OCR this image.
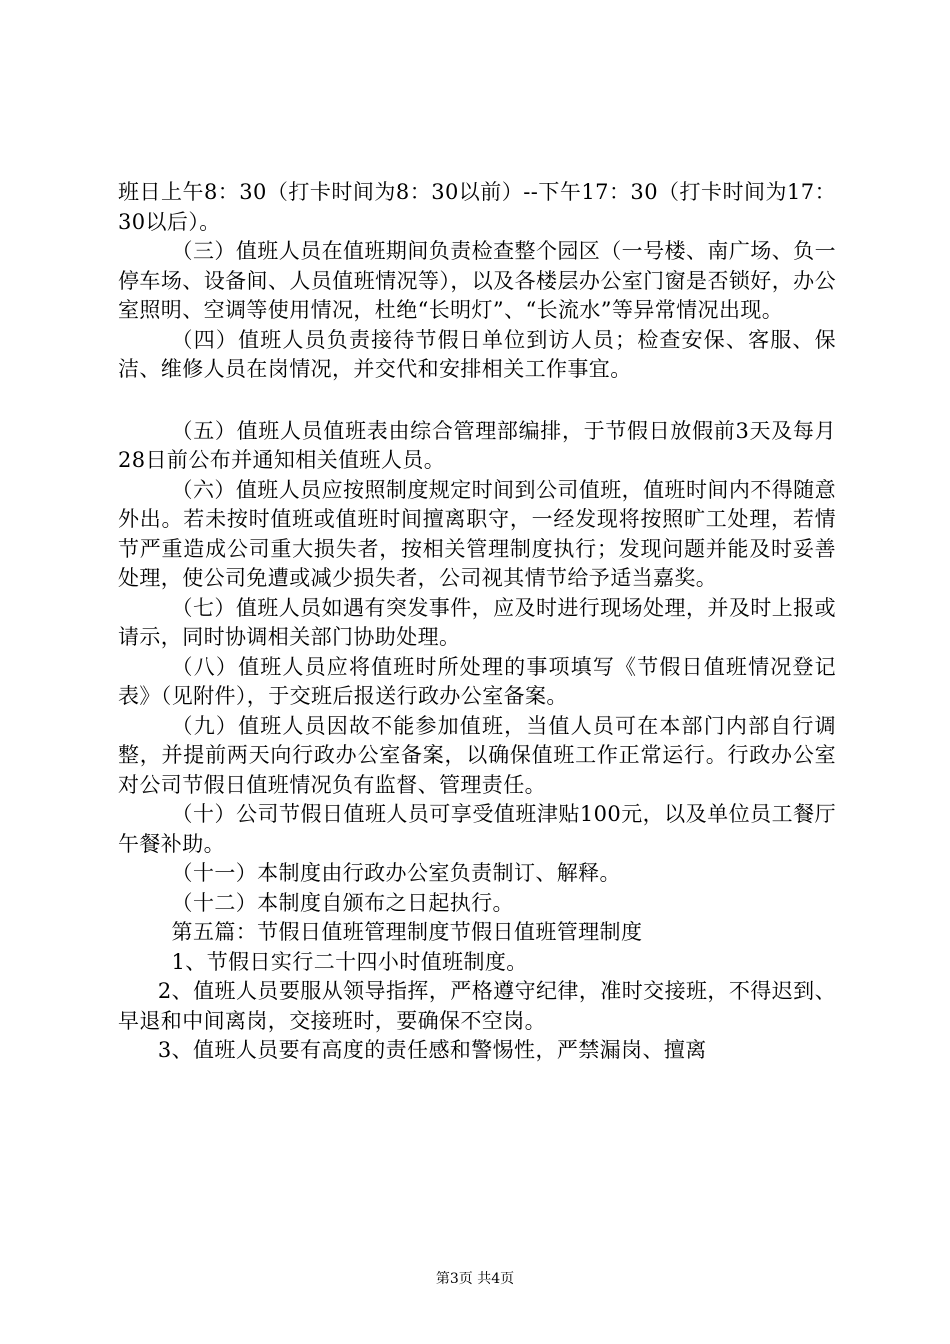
班日上午8：30（打卡时间为8：30以前）--下午17：30（打卡时间为17：30以后）。

（三）值班人员在值班期间负责检查整个园区（一号楼、南广场、负一停车场、设备间、人员值班情况等），以及各楼层办公室门窗是否锁好，办公室照明、空调等使用情况，杜绝“长明灯”、“长流水”等异常情况出现。

（四）值班人员负责接待节假日单位到访人员；检查安保、客服、保洁、维修人员在岗情况，并交代和安排相关工作事宜。

（五）值班人员值班表由综合管理部编排，于节假日放假前3天及每月28日前公布并通知相关值班人员。

（六）值班人员应按照制度规定时间到公司值班，值班时间内不得随意外出。若未按时值班或值班时间擅离职守，一经发现将按照旷工处理，若情节严重造成公司重大损失者，按相关管理制度执行；发现问题并能及时妥善处理，使公司免遭或减少损失者，公司视其情节给予适当嘉奖。

（七）值班人员如遇有突发事件，应及时进行现场处理，并及时上报或请示，同时协调相关部门协助处理。

（八）值班人员应将值班时所处理的事项填写《节假日值班情况登记表》（见附件），于交班后报送行政办公室备案。

（九）值班人员因故不能参加值班，当值人员可在本部门内部自行调整，并提前两天向行政办公室备案，以确保值班工作正常运行。行政办公室对公司节假日值班情况负有监督、管理责任。

（十）公司节假日值班人员可享受值班津贴100元，以及单位员工餐厅午餐补助。

（十一）本制度由行政办公室负责制订、解释。

（十二）本制度自颁布之日起执行。

第五篇：节假日值班管理制度节假日值班管理制度

1、节假日实行二十四小时值班制度。

2、值班人员要服从领导指挥，严格遵守纪律，准时交接班，不得迟到、早退和中间离岗，交接班时，要确保不空岗。

3、值班人员要有高度的责任感和警惕性，严禁漏岗、擅离

第3页 共4页
